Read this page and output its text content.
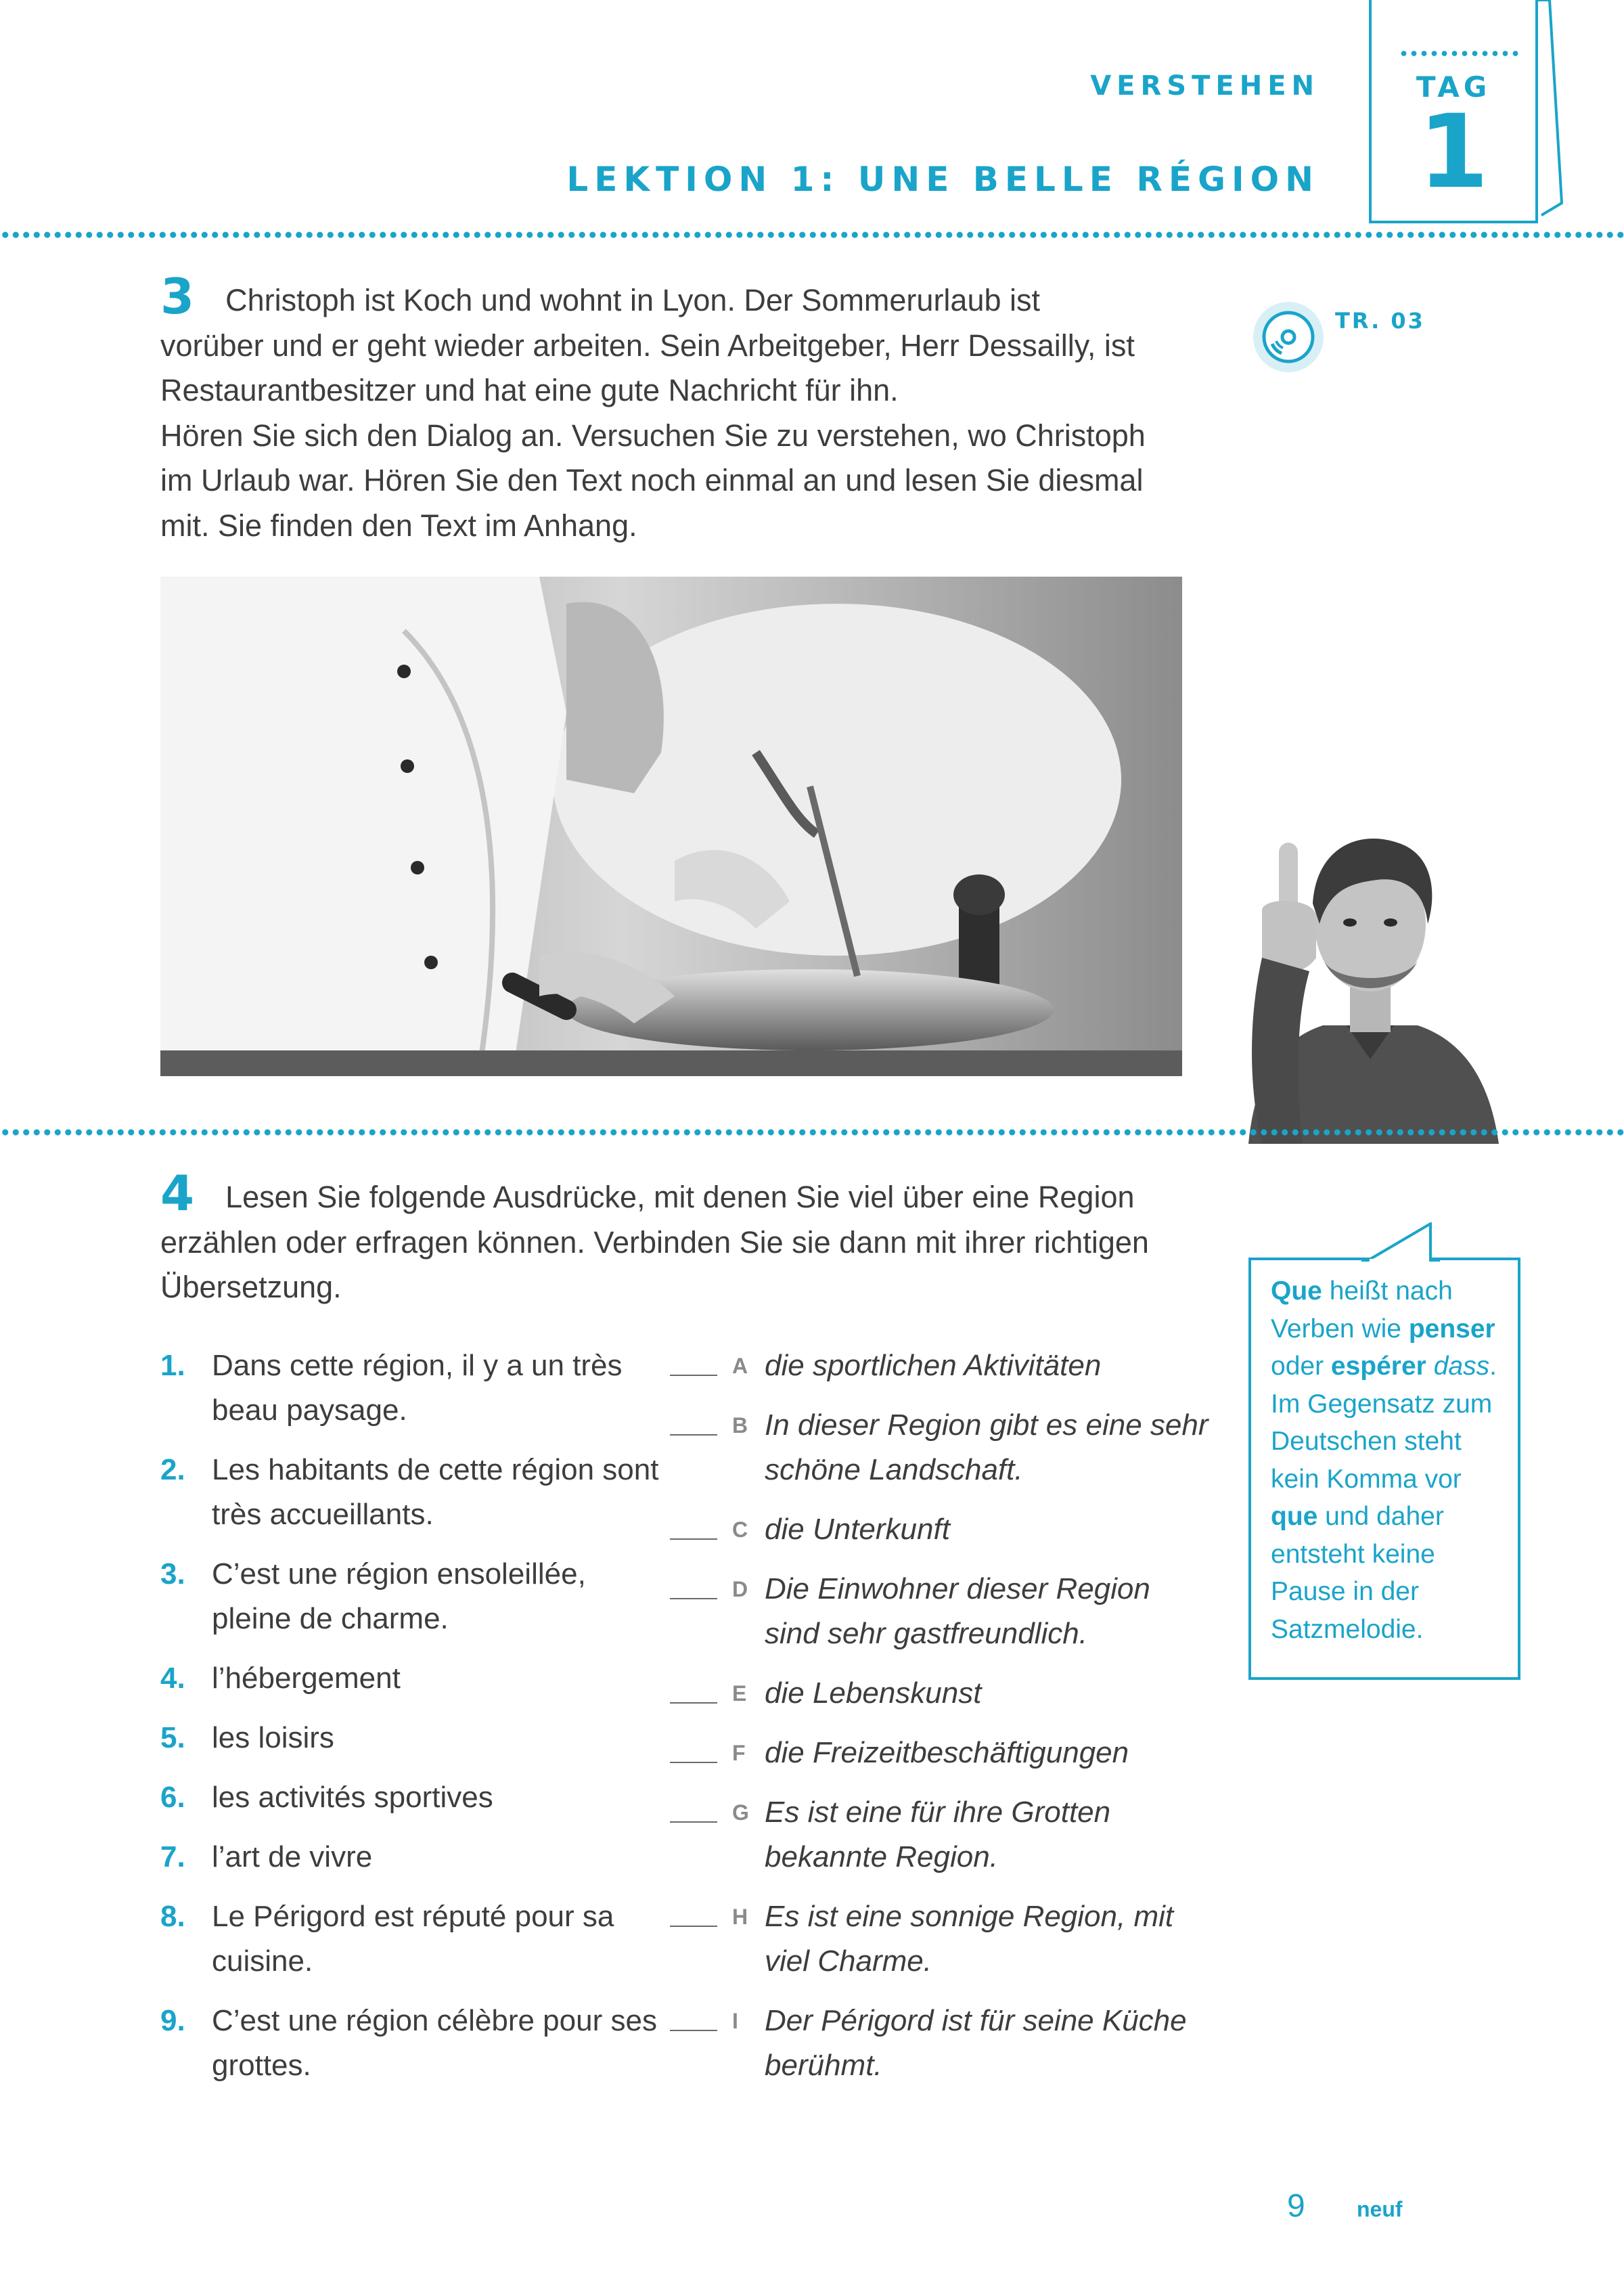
VERSTEHEN
LEKTION 1: UNE BELLE RÉGION
TAG
1
3 Christoph ist Koch und wohnt in Lyon. Der Sommerurlaub ist
vorüber und er geht wieder arbeiten. Sein Arbeitgeber, Herr Dessailly, ist
Restaurantbesitzer und hat eine gute Nachricht für ihn.
Hören Sie sich den Dialog an. Versuchen Sie zu verstehen, wo Christoph
im Urlaub war. Hören Sie den Text noch einmal an und lesen Sie diesmal
mit. Sie finden den Text im Anhang.
TR. 03
4 Lesen Sie folgende Ausdrücke, mit denen Sie viel über eine Region
erzählen oder erfragen können. Verbinden Sie sie dann mit ihrer richtigen
Übersetzung.
1. Dans cette région, il y a un très beau paysage.
2. Les habitants de cette région sont très accueillants.
3. C’est une région ensoleillée, pleine de charme.
4. l’hébergement
5. les loisirs
6. les activités sportives
7. l’art de vivre
8. Le Périgord est réputé pour sa cuisine.
9. C’est une région célèbre pour ses grottes.
A die sportlichen Aktivitäten
B In dieser Region gibt es eine sehr schöne Landschaft.
C die Unterkunft
D Die Einwohner dieser Region sind sehr gastfreundlich.
E die Lebenskunst
F die Freizeitbeschäftigungen
G Es ist eine für ihre Grotten bekannte Region.
H Es ist eine sonnige Region, mit viel Charme.
I Der Périgord ist für seine Küche berühmt.
Que heißt nach Verben wie penser oder espérer dass. Im Gegensatz zum Deutschen steht kein Komma vor que und daher entsteht keine Pause in der Satzmelodie.
9 neuf
